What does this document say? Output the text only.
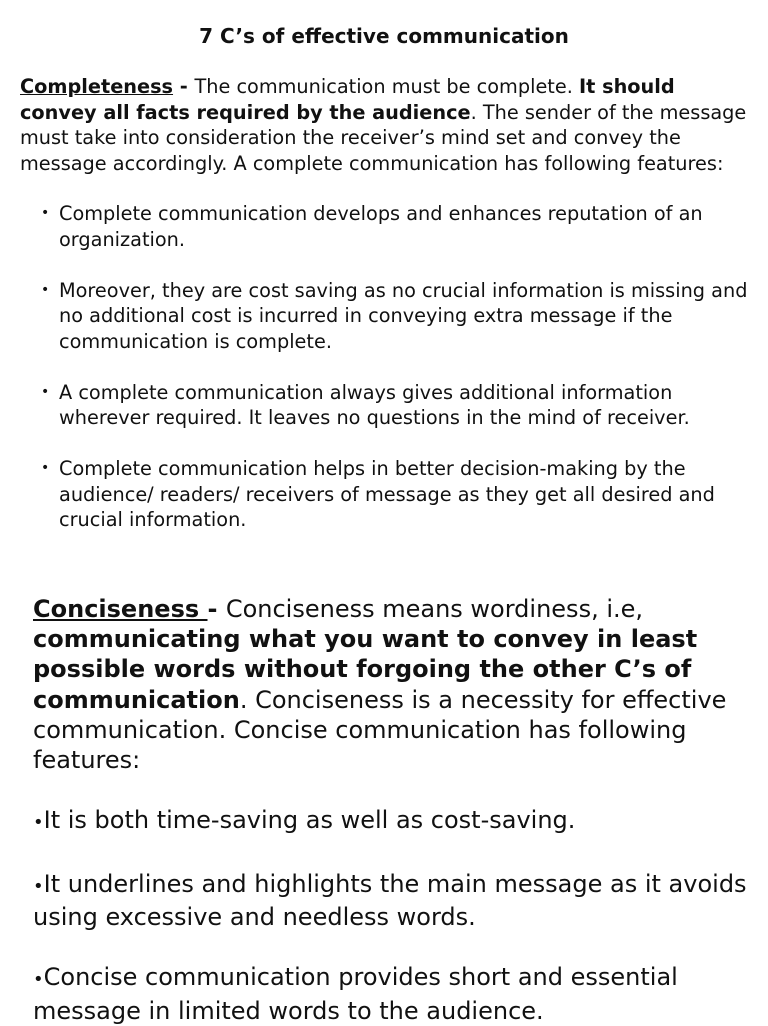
7 C’s of effective communication

Completeness - The communication must be complete. It should convey all facts required by the audience. The sender of the message must take into consideration the receiver’s mind set and convey the message accordingly. A complete communication has following features:

• Complete communication develops and enhances reputation of an organization.
• Moreover, they are cost saving as no crucial information is missing and no additional cost is incurred in conveying extra message if the communication is complete.
• A complete communication always gives additional information wherever required. It leaves no questions in the mind of receiver.
• Complete communication helps in better decision-making by the audience/ readers/ receivers of message as they get all desired and crucial information.

Conciseness - Conciseness means wordiness, i.e, communicating what you want to convey in least possible words without forgoing the other C’s of communication. Conciseness is a necessity for effective communication. Concise communication has following features:

•It is both time-saving as well as cost-saving.

•It underlines and highlights the main message as it avoids using excessive and needless words.

•Concise communication provides short and essential message in limited words to the audience.
